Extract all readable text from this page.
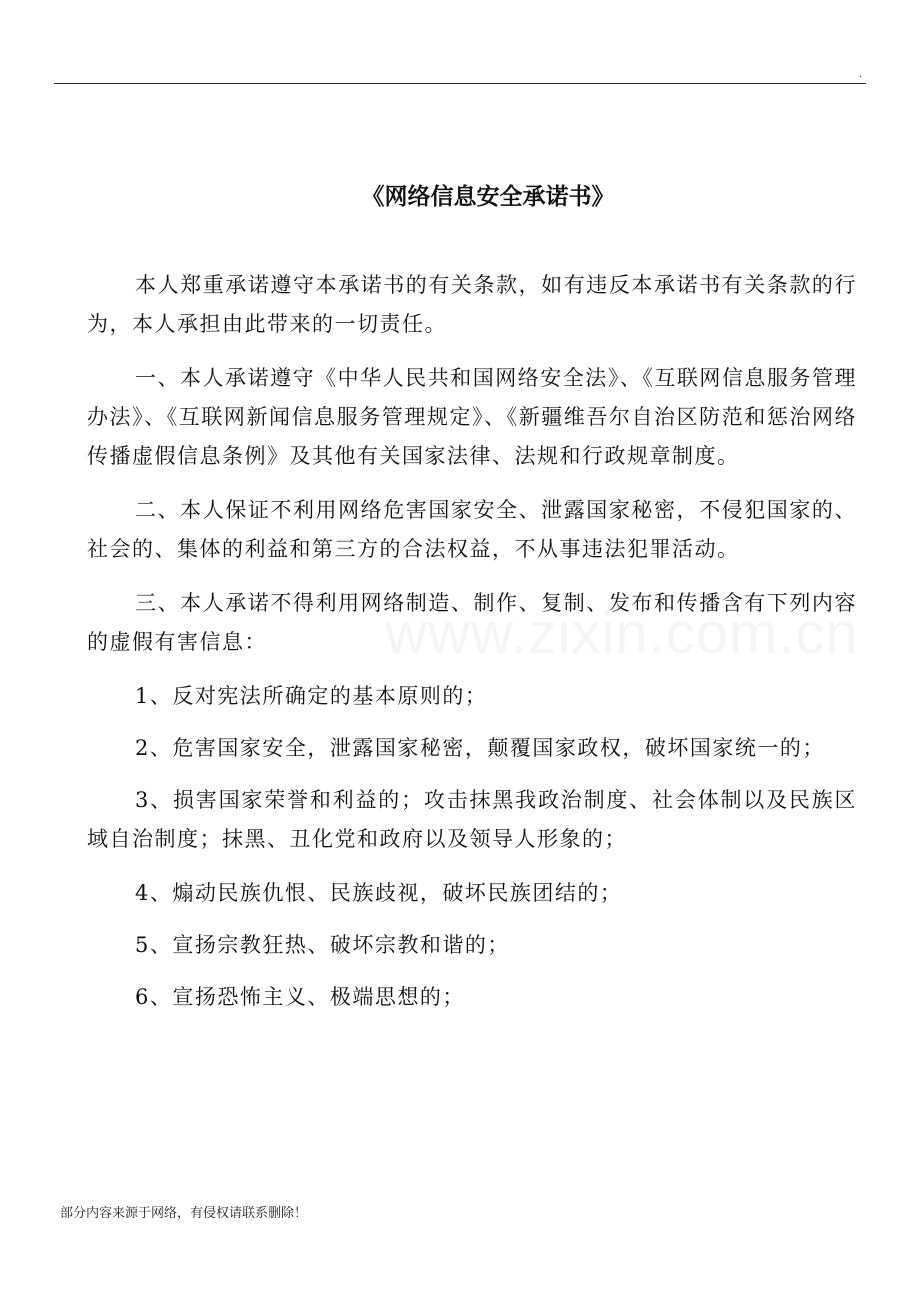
.
《网络信息安全承诺书》

本人郑重承诺遵守本承诺书的有关条款，如有违反本承诺书有关条款的行为，本人承担由此带来的一切责任。

一、本人承诺遵守《中华人民共和国网络安全法》、《互联网信息服务管理办法》、《互联网新闻信息服务管理规定》、《新疆维吾尔自治区防范和惩治网络传播虚假信息条例》及其他有关国家法律、法规和行政规章制度。

二、本人保证不利用网络危害国家安全、泄露国家秘密，不侵犯国家的、社会的、集体的利益和第三方的合法权益，不从事违法犯罪活动。

三、本人承诺不得利用网络制造、制作、复制、发布和传播含有下列内容的虚假有害信息：

1、反对宪法所确定的基本原则的；

2、危害国家安全，泄露国家秘密，颠覆国家政权，破坏国家统一的；

3、损害国家荣誉和利益的；攻击抹黑我政治制度、社会体制以及民族区域自治制度；抹黑、丑化党和政府以及领导人形象的；

4、煽动民族仇恨、民族歧视，破坏民族团结的；

5、宣扬宗教狂热、破坏宗教和谐的；

6、宣扬恐怖主义、极端思想的；

部分内容来源于网络，有侵权请联系删除！
